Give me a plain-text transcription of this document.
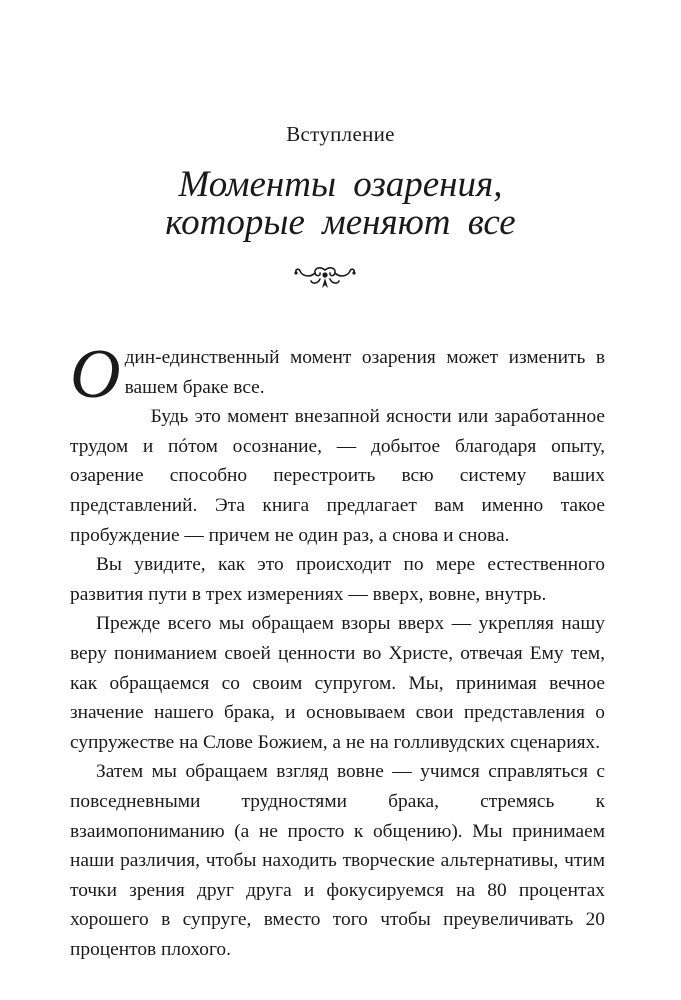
Вступление
Моменты озарения,
которые меняют все

Один-единственный момент озарения может изменить в вашем браке все.

Будь это момент внезапной ясности или заработанное трудом и пóтом осознание, — добытое благодаря опыту, озарение способно перестроить всю систему ваших представлений. Эта книга предлагает вам именно такое пробуждение — причем не один раз, а снова и снова.

Вы увидите, как это происходит по мере естественного развития пути в трех измерениях — вверх, вовне, внутрь.

Прежде всего мы обращаем взоры вверх — укрепляя нашу веру пониманием своей ценности во Христе, отвечая Ему тем, как обращаемся со своим супругом. Мы, принимая вечное значение нашего брака, и основываем свои представления о супружестве на Слове Божием, а не на голливудских сценариях.

Затем мы обращаем взгляд вовне — учимся справляться с повседневными трудностями брака, стремясь к взаимопониманию (а не просто к общению). Мы принимаем наши различия, чтобы находить творческие альтернативы, чтим точки зрения друг друга и фокусируемся на 80 процентах хорошего в супруге, вместо того чтобы преувеличивать 20 процентов плохого.
